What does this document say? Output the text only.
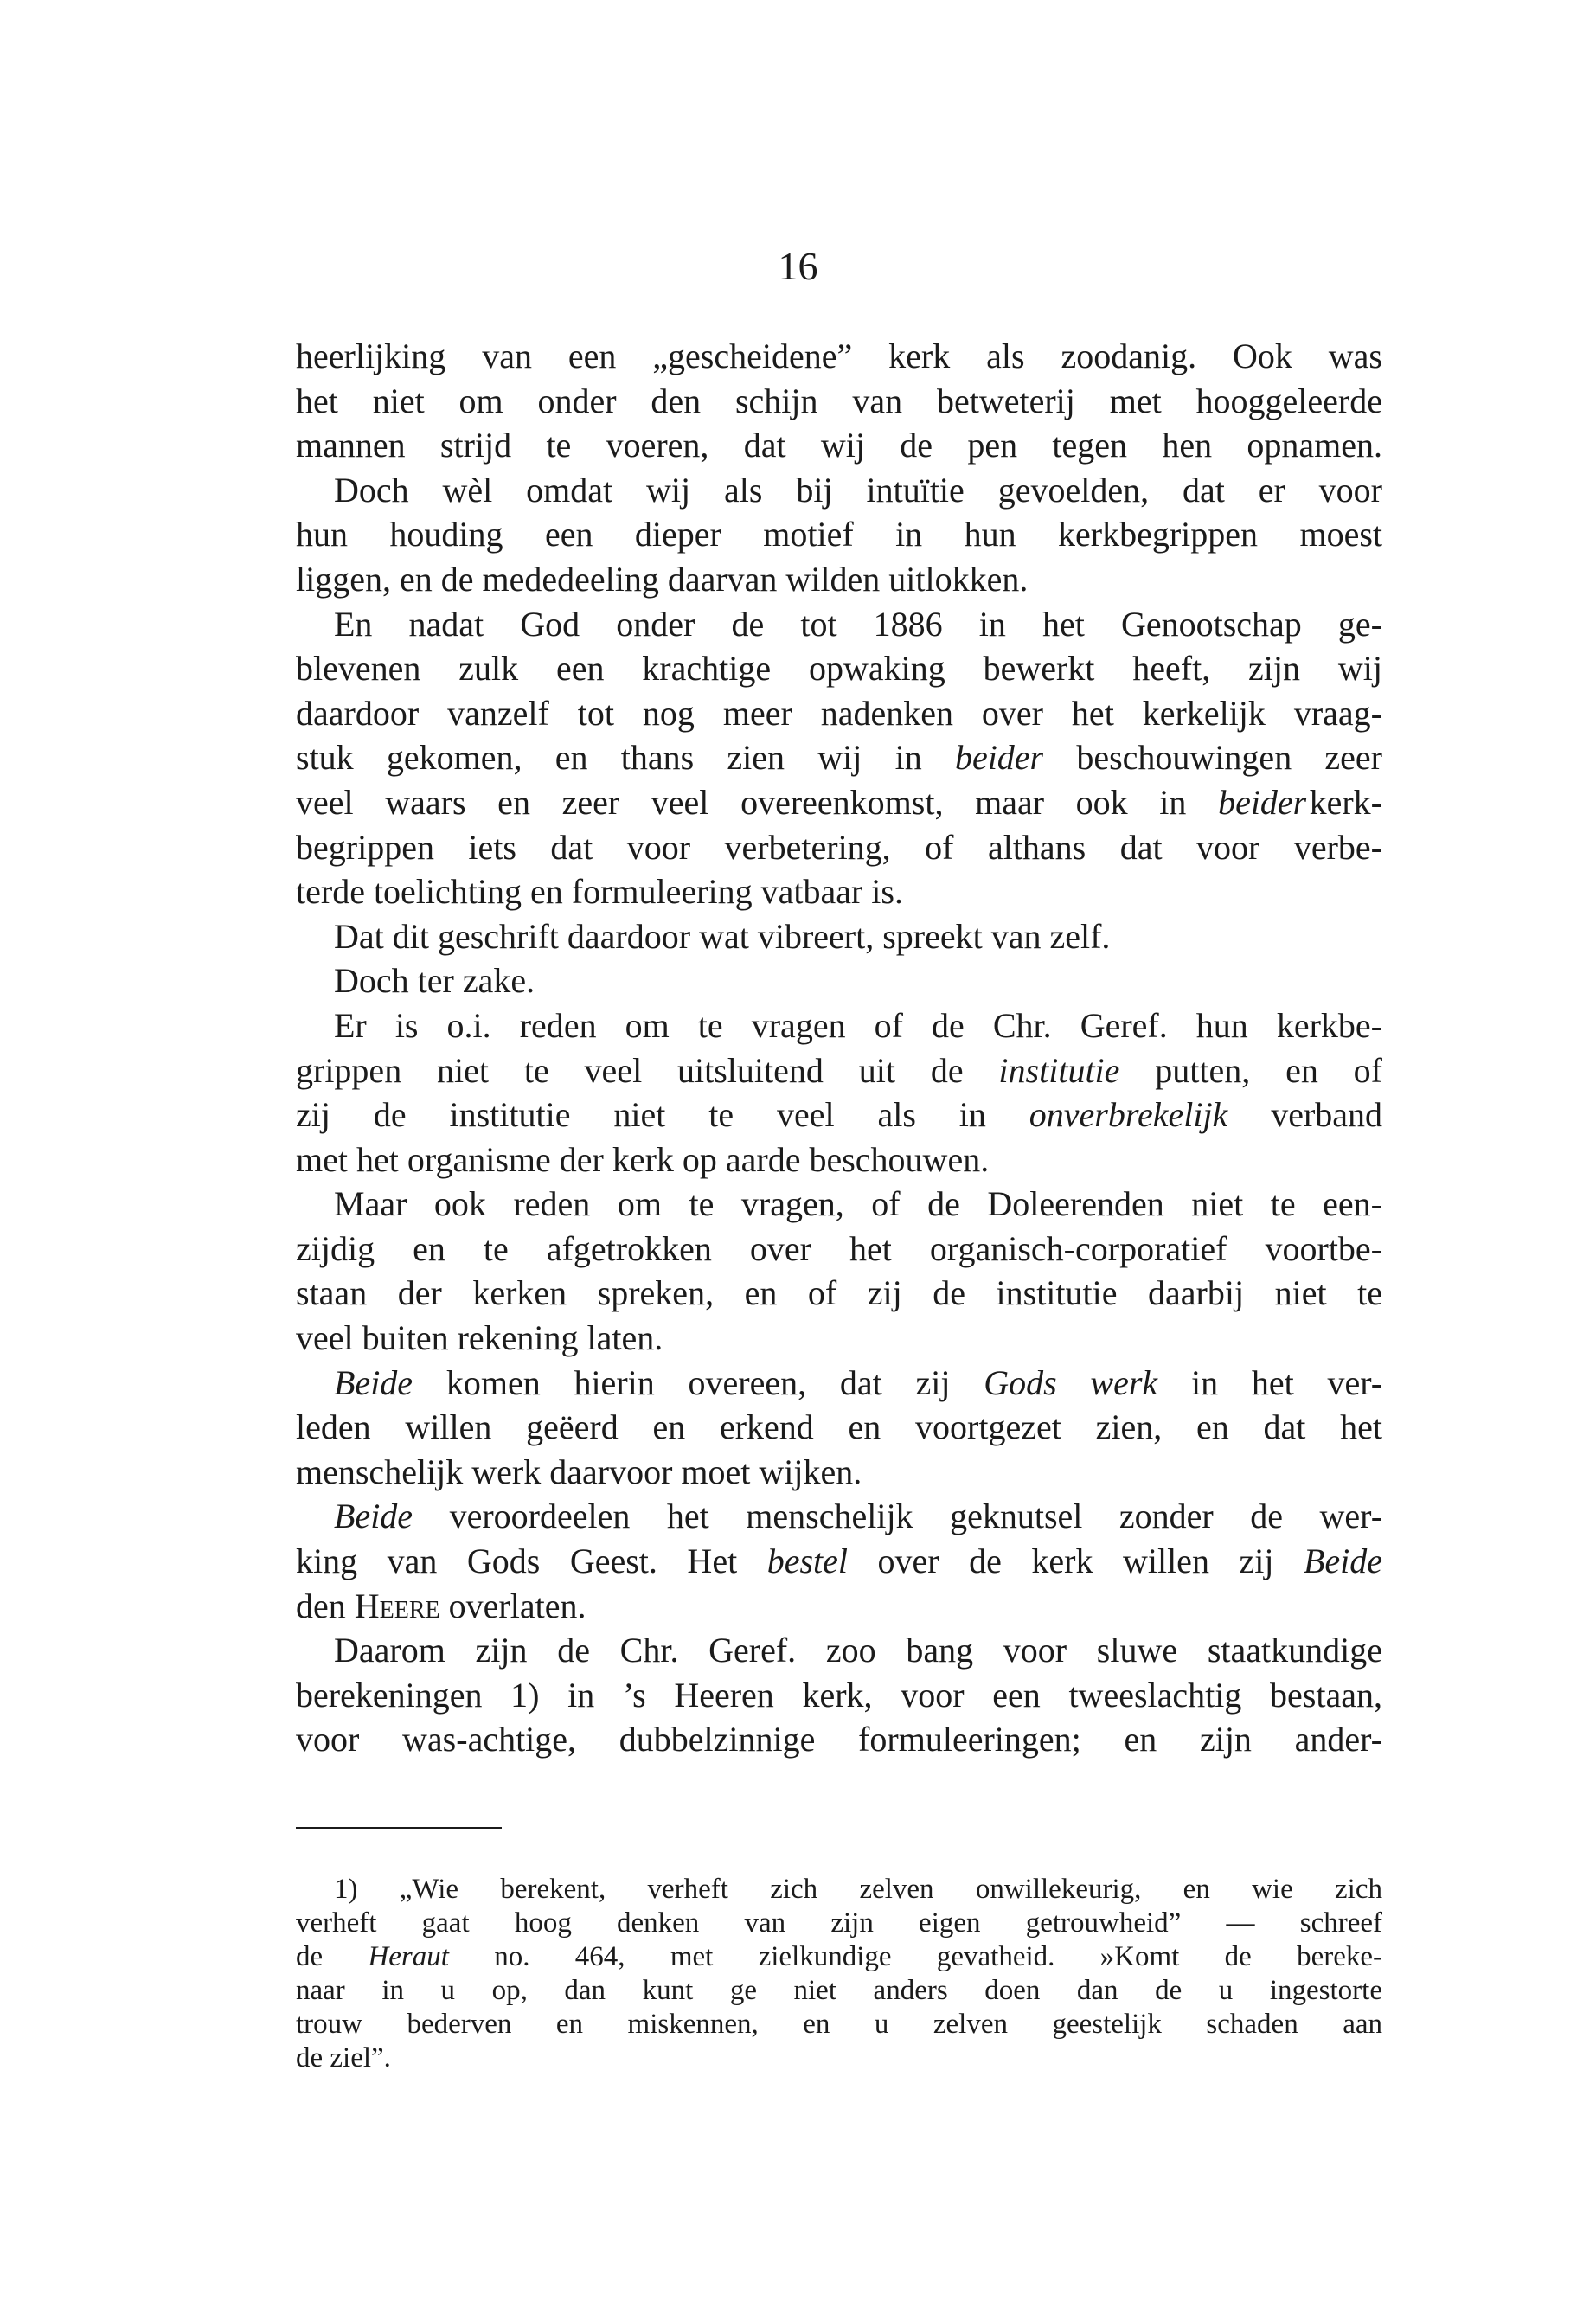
16
heerlijking van een „gescheidene” kerk als zoodanig. Ook was
het niet om onder den schijn van betweterij met hooggeleerde
mannen strijd te voeren, dat wij de pen tegen hen opnamen.
Doch wèl omdat wij als bij intuïtie gevoelden, dat er voor
hun houding een dieper motief in hun kerkbegrippen moest
liggen, en de mededeeling daarvan wilden uitlokken.
En nadat God onder de tot 1886 in het Genootschap ge-
blevenen zulk een krachtige opwaking bewerkt heeft, zijn wij
daardoor vanzelf tot nog meer nadenken over het kerkelijk vraag-
stuk gekomen, en thans zien wij in beider beschouwingen zeer
veel waars en zeer veel overeenkomst, maar ook in beider kerk-
begrippen iets dat voor verbetering, of althans dat voor verbe-
terde toelichting en formuleering vatbaar is.
Dat dit geschrift daardoor wat vibreert, spreekt van zelf.
Doch ter zake.
Er is o.i. reden om te vragen of de Chr. Geref. hun kerkbe-
grippen niet te veel uitsluitend uit de institutie putten, en of
zij de institutie niet te veel als in onverbrekelijk verband
met het organisme der kerk op aarde beschouwen.
Maar ook reden om te vragen, of de Doleerenden niet te een-
zijdig en te afgetrokken over het organisch-corporatief voortbe-
staan der kerken spreken, en of zij de institutie daarbij niet te
veel buiten rekening laten.
Beide komen hierin overeen, dat zij Gods werk in het ver-
leden willen geëerd en erkend en voortgezet zien, en dat het
menschelijk werk daarvoor moet wijken.
Beide veroordeelen het menschelijk geknutsel zonder de wer-
king van Gods Geest. Het bestel over de kerk willen zij Beide
den Heere overlaten.
Daarom zijn de Chr. Geref. zoo bang voor sluwe staatkundige
berekeningen 1) in ’s Heeren kerk, voor een tweeslachtig bestaan,
voor was-achtige, dubbelzinnige formuleeringen; en zijn ander-
1) „Wie berekent, verheft zich zelven onwillekeurig, en wie zich
verheft gaat hoog denken van zijn eigen getrouwheid” — schreef
de Heraut no. 464, met zielkundige gevatheid. »Komt de bereke-
naar in u op, dan kunt ge niet anders doen dan de u ingestorte
trouw bederven en miskennen, en u zelven geestelijk schaden aan
de ziel”.
